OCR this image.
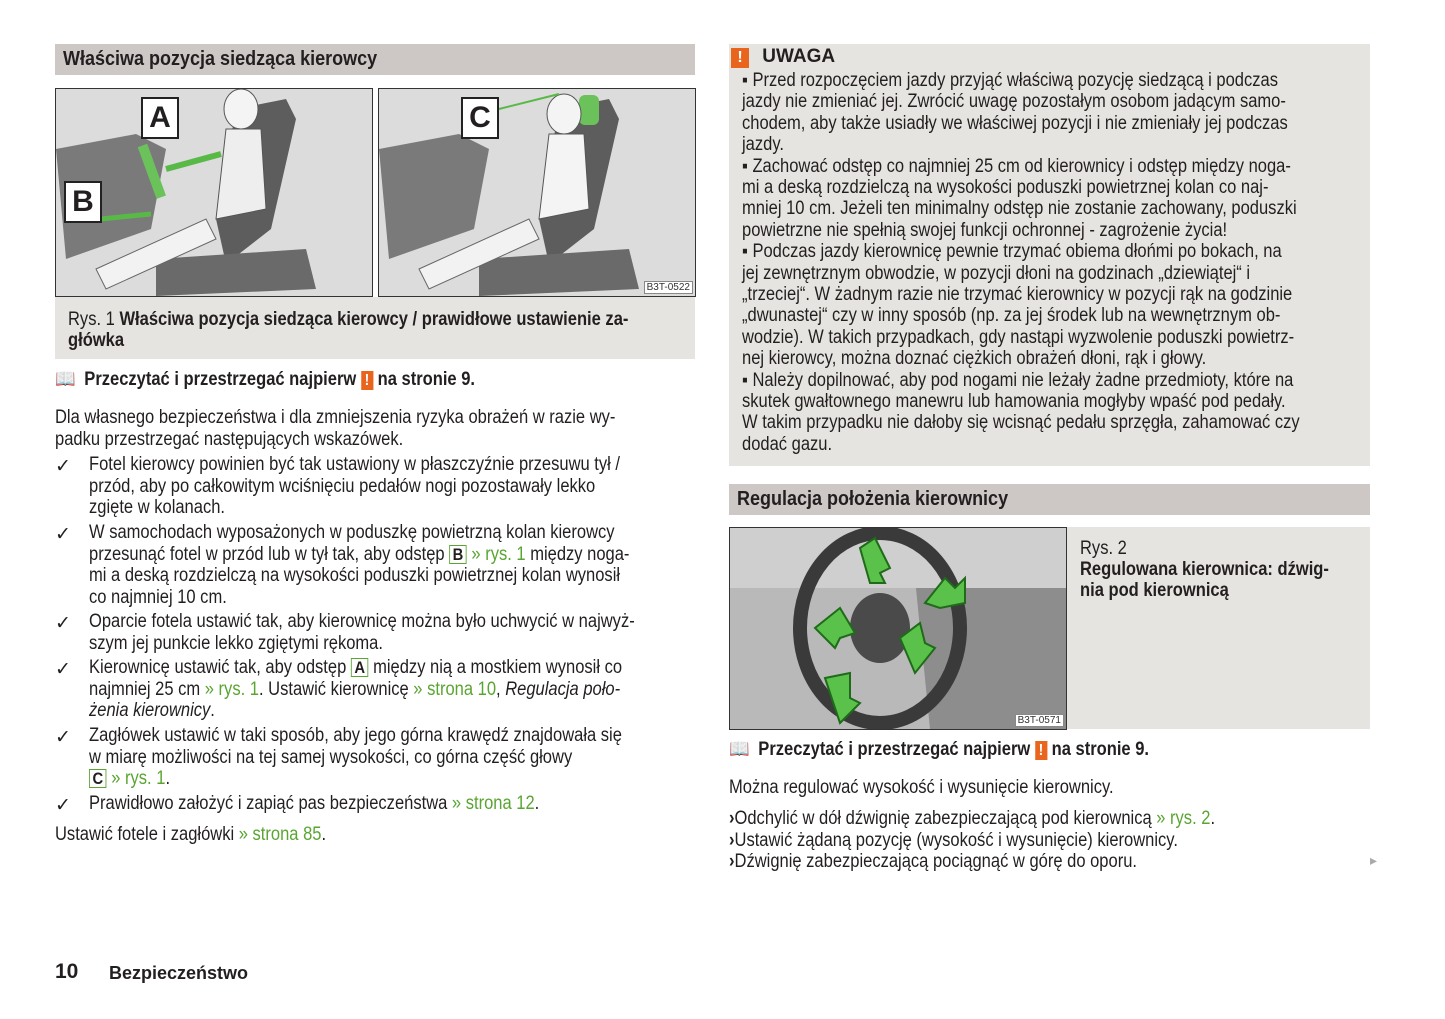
Właściwa pozycja siedząca kierowcy
A
B
C
B3T-0522
! UWAGA
Regulacja położenia kierownicy
B3T-0571
▸
10 Bezpieczeństwo
Rys. 1 Właściwa pozycja siedząca kierowcy / prawidłowe ustawienie za-
główka
📖 Przeczytać i przestrzegać najpierw ! na stronie 9.
Dla własnego bezpieczeństwa i dla zmniejszenia ryzyka obrażeń w razie wy-
padku przestrzegać następujących wskazówek.
✓ Fotel kierowcy powinien być tak ustawiony w płaszczyźnie przesuwu tył /
przód, aby po całkowitym wciśnięciu pedałów nogi pozostawały lekko
zgięte w kolanach.
✓ W samochodach wyposażonych w poduszkę powietrzną kolan kierowcy
przesunąć fotel w przód lub w tył tak, aby odstęp B » rys. 1 między noga-
mi a deską rozdzielczą na wysokości poduszki powietrznej kolan wynosił
co najmniej 10 cm.
✓ Oparcie fotela ustawić tak, aby kierownicę można było uchwycić w najwyż-
szym jej punkcie lekko zgiętymi rękoma.
✓ Kierownicę ustawić tak, aby odstęp A między nią a mostkiem wynosił co
najmniej 25 cm » rys. 1. Ustawić kierownicę » strona 10, Regulacja poło-
żenia kierownicy.
✓ Zagłówek ustawić w taki sposób, aby jego górna krawędź znajdowała się
w miarę możliwości na tej samej wysokości, co górna część głowy
C » rys. 1.
✓ Prawidłowo założyć i zapiąć pas bezpieczeństwa » strona 12.
Ustawić fotele i zagłówki » strona 85.
▪ Przed rozpoczęciem jazdy przyjąć właściwą pozycję siedzącą i podczas
jazdy nie zmieniać jej. Zwrócić uwagę pozostałym osobom jadącym samo-
chodem, aby także usiadły we właściwej pozycji i nie zmieniały jej podczas
jazdy.
▪ Zachować odstęp co najmniej 25 cm od kierownicy i odstęp między noga-
mi a deską rozdzielczą na wysokości poduszki powietrznej kolan co naj-
mniej 10 cm. Jeżeli ten minimalny odstęp nie zostanie zachowany, poduszki
powietrzne nie spełnią swojej funkcji ochronnej - zagrożenie życia!
▪ Podczas jazdy kierownicę pewnie trzymać obiema dłońmi po bokach, na
jej zewnętrznym obwodzie, w pozycji dłoni na godzinach „dziewiątej“ i
„trzeciej“. W żadnym razie nie trzymać kierownicy w pozycji rąk na godzinie
„dwunastej“ czy w inny sposób (np. za jej środek lub na wewnętrznym ob-
wodzie). W takich przypadkach, gdy nastąpi wyzwolenie poduszki powietrz-
nej kierowcy, można doznać ciężkich obrażeń dłoni, rąk i głowy.
▪ Należy dopilnować, aby pod nogami nie leżały żadne przedmioty, które na
skutek gwałtownego manewru lub hamowania mogłyby wpaść pod pedały.
W takim przypadku nie dałoby się wcisnąć pedału sprzęgła, zahamować czy
dodać gazu.
Rys. 2
Regulowana kierownica: dźwig-
nia pod kierownicą
📖 Przeczytać i przestrzegać najpierw ! na stronie 9.
Można regulować wysokość i wysunięcie kierownicy.
›Odchylić w dół dźwignię zabezpieczającą pod kierownicą » rys. 2.
›Ustawić żądaną pozycję (wysokość i wysunięcie) kierownicy.
›Dźwignię zabezpieczającą pociągnąć w górę do oporu.
